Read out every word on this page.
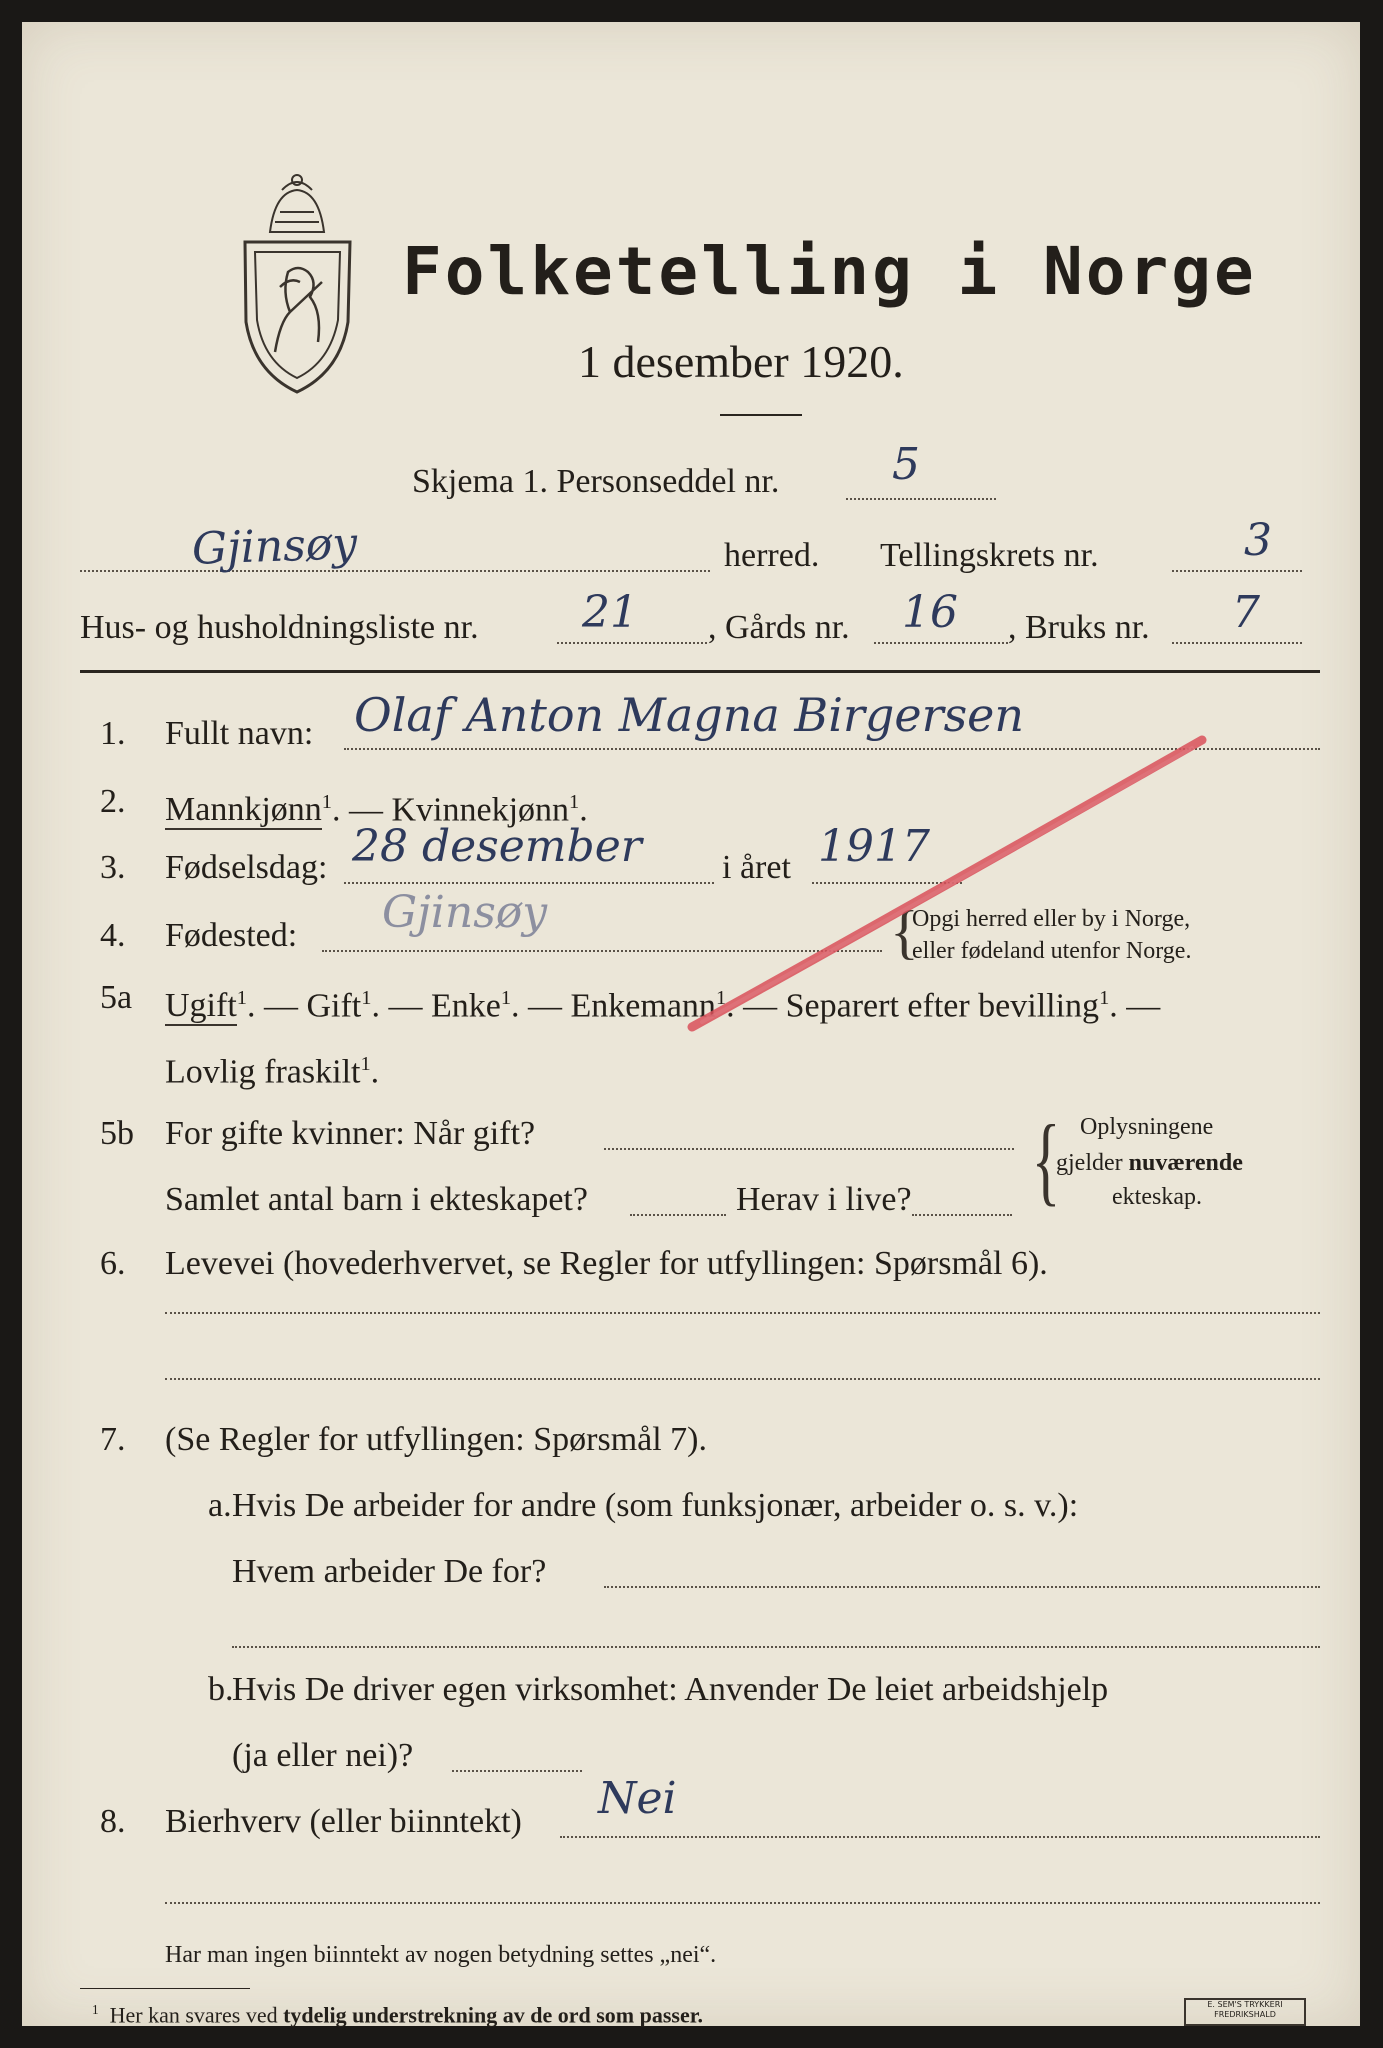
Folketelling i Norge
1 desember 1920.
Skjema 1. Personseddel nr.	5
Gjinsøy	herred. Tellingskrets nr.	3
Hus- og husholdningsliste nr. 21 , Gårds nr. 16 , Bruks nr. 7
1. Fullt navn: Olaf Anton Magna Birgersen
2. Mannkjønn$^1$. — Kvinnekjønn$^1$.
3. Fødselsdag: 28 desember i året 1917
4. Fødested: Gjinsøy	{
Opgi herred eller by i Norge,
eller fødeland utenfor Norge.
5a Ugift$^1$. — Gift$^1$. — Enke$^1$. — Enkemann$^1$. — Separert efter bevilling$^1$. —
Lovlig fraskilt$^1$.
5b For gifte kvinner: Når gift?
Samlet antal barn i ekteskapet?	Herav i live? { Oplysningene
gjelder nuværende
ekteskap.
6. Levevei (hovederhvervet, se Regler for utfyllingen: Spørsmål 6).
7. (Se Regler for utfyllingen: Spørsmål 7).
a. Hvis De arbeider for andre (som funksjonær, arbeider o. s. v.):
Hvem arbeider De for?
b.
Hvis De driver egen virksomhet: Anvender De leiet arbeidshjelp
(ja eller nei)?
8. Bierhverv (eller biinntekt) Nei
Har man ingen biinntekt av nogen betydning settes „nei“.
$^1$ Her kan svares ved tydelig understrekning av de ord som passer.	E. SEM'S TRYKKERI FREDRIKSHALD
